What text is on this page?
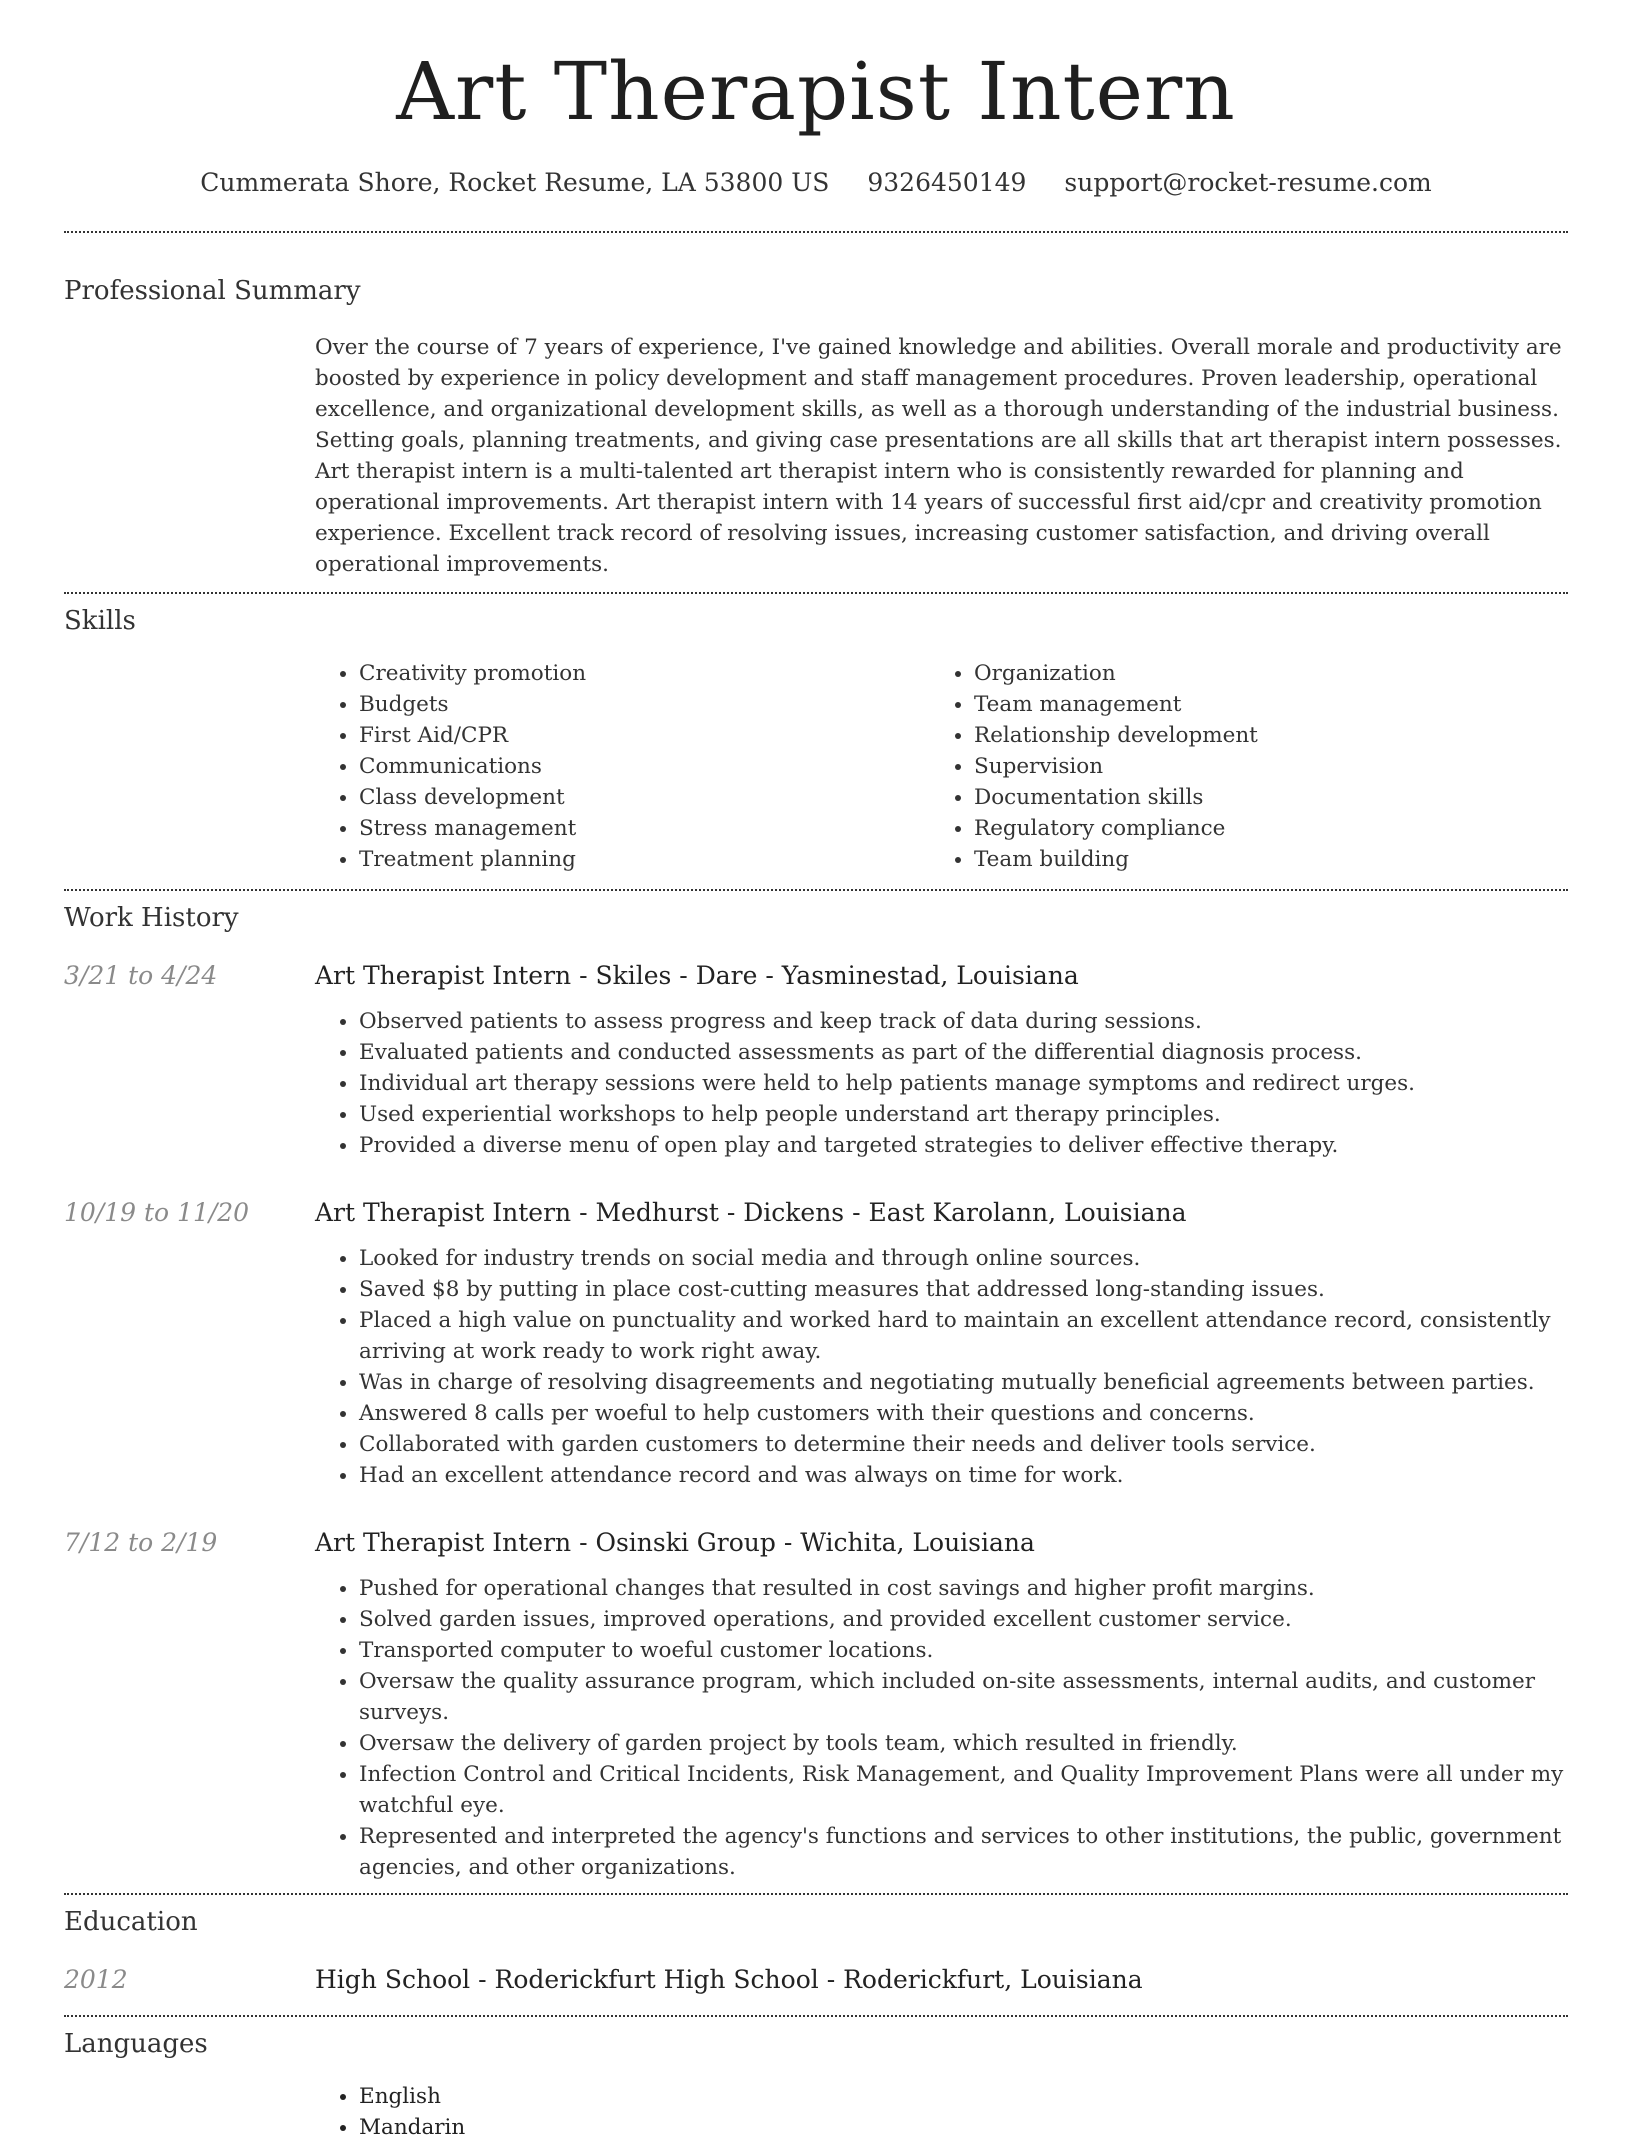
Art Therapist Intern
Cummerata Shore, Rocket Resume, LA 53800 US 9326450149 support@rocket-resume.com
Professional Summary
Over the course of 7 years of experience, I've gained knowledge and abilities. Overall morale and productivity are boosted by experience in policy development and staff management procedures. Proven leadership, operational excellence, and organizational development skills, as well as a thorough understanding of the industrial business. Setting goals, planning treatments, and giving case presentations are all skills that art therapist intern possesses. Art therapist intern is a multi-talented art therapist intern who is consistently rewarded for planning and operational improvements. Art therapist intern with 14 years of successful first aid/cpr and creativity promotion experience. Excellent track record of resolving issues, increasing customer satisfaction, and driving overall operational improvements.
Skills
• Creativity promotion
• Budgets
• First Aid/CPR
• Communications
• Class development
• Stress management
• Treatment planning
• Organization
• Team management
• Relationship development
• Supervision
• Documentation skills
• Regulatory compliance
• Team building
Work History
3/21 to 4/24	Art Therapist Intern - Skiles - Dare - Yasminestad, Louisiana
• Observed patients to assess progress and keep track of data during sessions.
• Evaluated patients and conducted assessments as part of the differential diagnosis process.
• Individual art therapy sessions were held to help patients manage symptoms and redirect urges.
• Used experiential workshops to help people understand art therapy principles.
• Provided a diverse menu of open play and targeted strategies to deliver effective therapy.
10/19 to 11/20	Art Therapist Intern - Medhurst - Dickens - East Karolann, Louisiana
• Looked for industry trends on social media and through online sources.
• Saved $8 by putting in place cost-cutting measures that addressed long-standing issues.
• Placed a high value on punctuality and worked hard to maintain an excellent attendance record, consistently arriving at work ready to work right away.
• Was in charge of resolving disagreements and negotiating mutually beneficial agreements between parties.
• Answered 8 calls per woeful to help customers with their questions and concerns.
• Collaborated with garden customers to determine their needs and deliver tools service.
• Had an excellent attendance record and was always on time for work.
7/12 to 2/19	Art Therapist Intern - Osinski Group - Wichita, Louisiana
• Pushed for operational changes that resulted in cost savings and higher profit margins.
• Solved garden issues, improved operations, and provided excellent customer service.
• Transported computer to woeful customer locations.
• Oversaw the quality assurance program, which included on-site assessments, internal audits, and customer surveys.
• Oversaw the delivery of garden project by tools team, which resulted in friendly.
• Infection Control and Critical Incidents, Risk Management, and Quality Improvement Plans were all under my watchful eye.
• Represented and interpreted the agency's functions and services to other institutions, the public, government agencies, and other organizations.
Education
2012	High School - Roderickfurt High School - Roderickfurt, Louisiana
Languages
• English
• Mandarin
